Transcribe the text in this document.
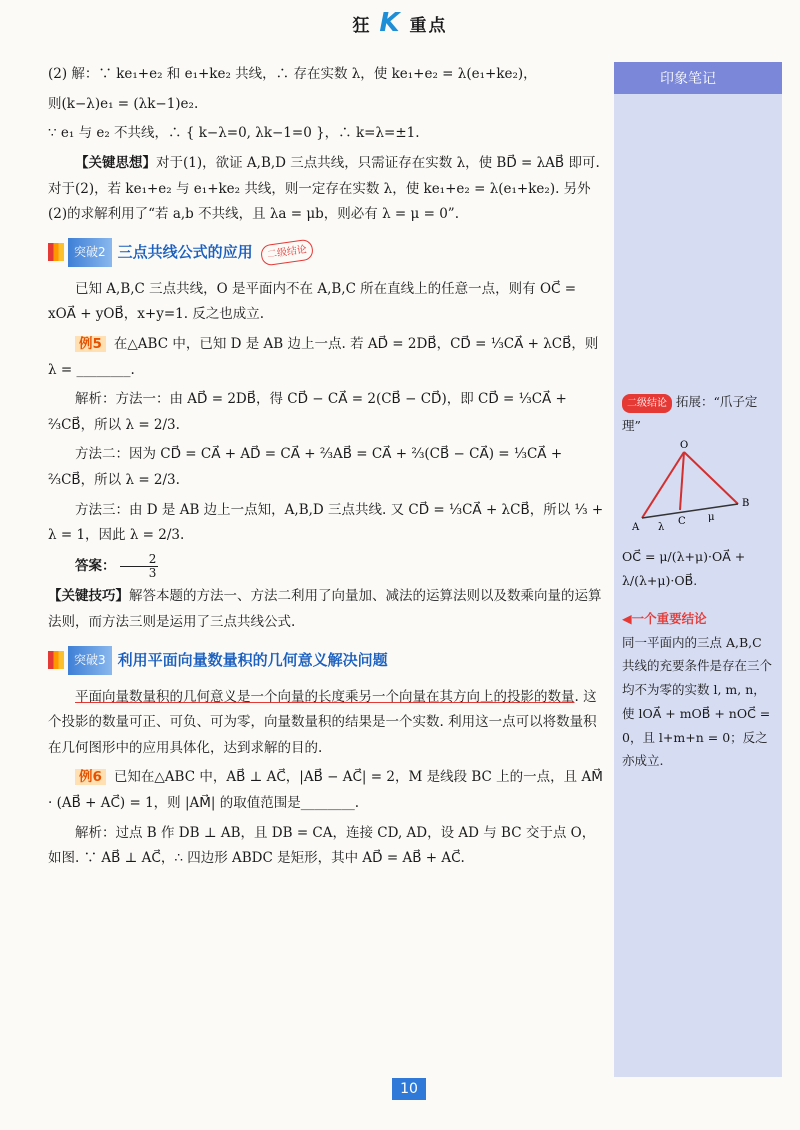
狂 K 重点

(2) 解：∵ ke₁+e₂ 和 e₁+ke₂ 共线，∴ 存在实数 λ，使 ke₁+e₂ = λ(e₁+ke₂)，

则(k−λ)e₁ = (λk−1)e₂.

∵ e₁ 与 e₂ 不共线，∴ { k−λ=0, λk−1=0 }，∴ k=λ=±1.

【关键思想】对于(1)，欲证 A,B,D 三点共线，只需证存在实数 λ，使 BD⃗ = λAB⃗ 即可. 对于(2)，若 ke₁+e₂ 与 e₁+ke₂ 共线，则一定存在实数 λ，使 ke₁+e₂ = λ(e₁+ke₂). 另外(2)的求解利用了“若 a,b 不共线，且 λa = μb，则必有 λ = μ = 0”.

突破2 三点共线公式的应用	二级结论

已知 A,B,C 三点共线，O 是平面内不在 A,B,C 所在直线上的任意一点，则有 OC⃗ = xOA⃗ + yOB⃗，x+y=1. 反之也成立.

例5 在△ABC 中，已知 D 是 AB 边上一点. 若 AD⃗ = 2DB⃗，CD⃗ = ⅓CA⃗ + λCB⃗，则 λ = ________.

解析：方法一：由 AD⃗ = 2DB⃗，得 CD⃗ − CA⃗ = 2(CB⃗ − CD⃗)，即 CD⃗ = ⅓CA⃗ + ⅔CB⃗，所以 λ = 2/3.

方法二：因为 CD⃗ = CA⃗ + AD⃗ = CA⃗ + ⅔AB⃗ = CA⃗ + ⅔(CB⃗ − CA⃗) = ⅓CA⃗ + ⅔CB⃗，所以 λ = 2/3.

方法三：由 D 是 AB 边上一点知，A,B,D 三点共线. 又 CD⃗ = ⅓CA⃗ + λCB⃗，所以 ⅓ + λ = 1，因此 λ = 2/3.

答案： $\frac{2}{3}$

【关键技巧】解答本题的方法一、方法二利用了向量加、减法的运算法则以及数乘向量的运算法则，而方法三则是运用了三点共线公式.

突破3 利用平面向量数量积的几何意义解决问题

平面向量数量积的几何意义是一个向量的长度乘另一个向量在其方向上的投影的数量. 这个投影的数量可正、可负、可为零，向量数量积的结果是一个实数. 利用这一点可以将数量积在几何图形中的应用具体化，达到求解的目的.

例6 已知在△ABC 中，AB⃗ ⊥ AC⃗，|AB⃗ − AC⃗| = 2，M 是线段 BC 上的一点，且 AM⃗ · (AB⃗ + AC⃗) = 1，则 |AM⃗| 的取值范围是________.

解析：过点 B 作 DB ⊥ AB，且 DB = CA，连接 CD, AD，设 AD 与 BC 交于点 O，如图. ∵ AB⃗ ⊥ AC⃗，∴ 四边形 ABDC 是矩形，其中 AD⃗ = AB⃗ + AC⃗.

印象笔记
二级结论 拓展：“爪子定理”
O
A
B
C
λ
μ
OC⃗ = μ/(λ+μ)·OA⃗ + λ/(λ+μ)·OB⃗.
◀一个重要结论
同一平面内的三点 A,B,C 共线的充要条件是存在三个均不为零的实数 l, m, n，使 lOA⃗ + mOB⃗ + nOC⃗ = 0，且 l+m+n = 0；反之亦成立.
10
